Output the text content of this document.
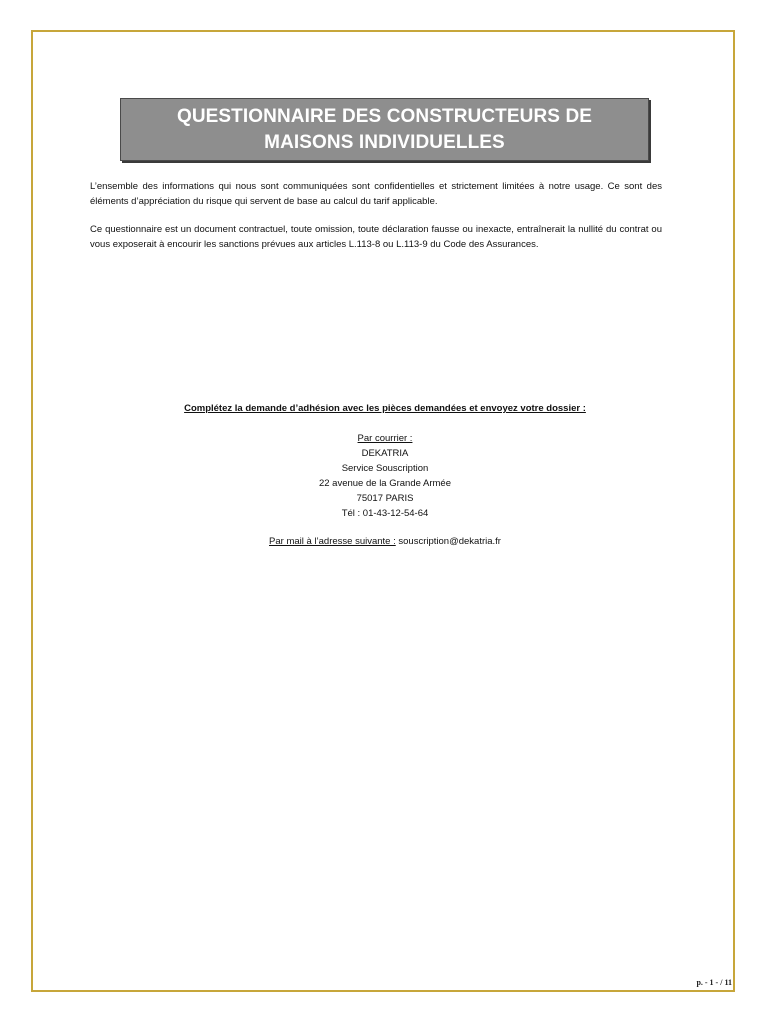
QUESTIONNAIRE DES CONSTRUCTEURS DE
MAISONS INDIVIDUELLES

L’ensemble des informations qui nous sont communiquées sont confidentielles et strictement limitées à notre usage. Ce sont des éléments d’appréciation du risque qui servent de base au calcul du tarif applicable.

Ce questionnaire est un document contractuel, toute omission, toute déclaration fausse ou inexacte, entraînerait la nullité du contrat ou vous exposerait à encourir les sanctions prévues aux articles L.113-8 ou L.113-9 du Code des Assurances.

Complétez la demande d’adhésion avec les pièces demandées et envoyez votre dossier :
Par courrier :
DEKATRIA
Service Souscription
22 avenue de la Grande Armée
75017 PARIS
Tél : 01-43-12-54-64
Par mail à l’adresse suivante : souscription@dekatria.fr
p. - 1 - / 11
